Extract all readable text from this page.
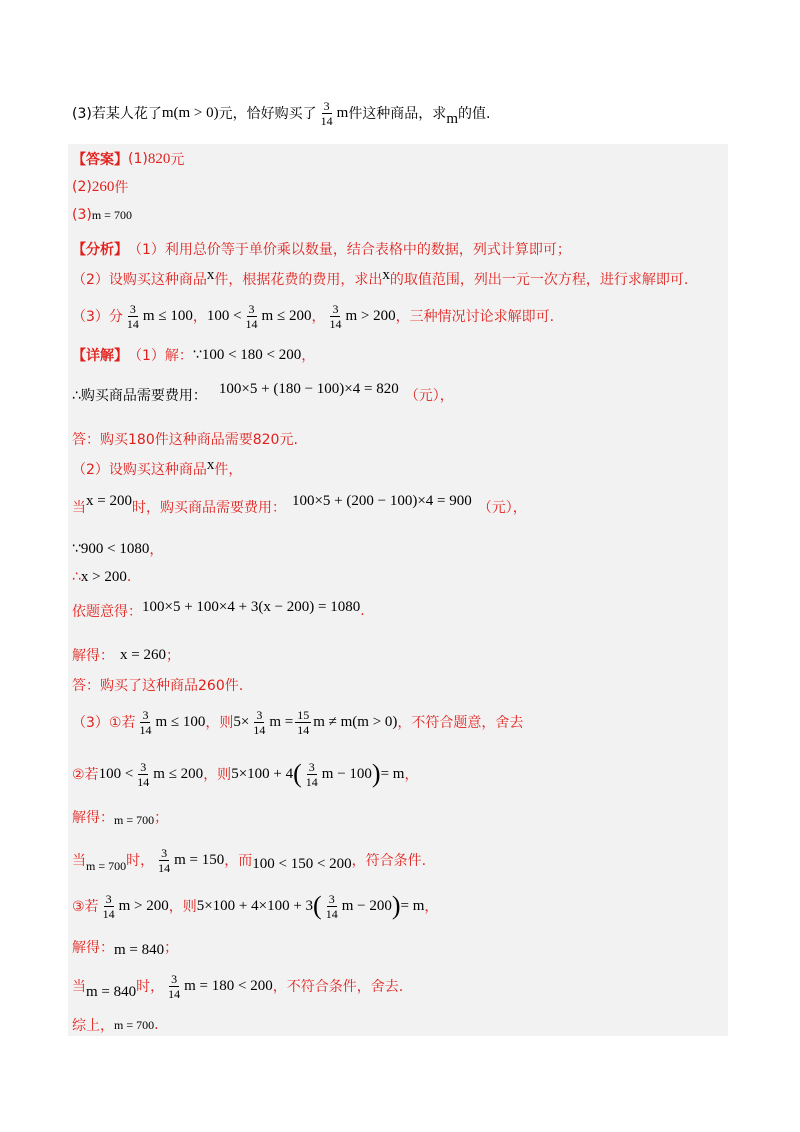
(3)若某人花了 m(m > 0) 元，恰好购买了 $\frac{3}{14}$ m 件这种商品，求 m 的值.
【答案】 (1) 820 元
(2) 260 件
(3) m = 700
【分析】 （1）利用总价等于单价乘以数量，结合表格中的数据，列式计算即可；
（2）设购买这种商品 x 件，根据花费的费用，求出 x 的取值范围，列出一元一次方程，进行求解即可.
（3）分 $\frac{3}{14}$ m ≤ 100 ， $100 < \frac{3}{14}$ m ≤ 200 ， $\frac{3}{14}$ m > 200 ，三种情况讨论求解即可.
【详解】 （1）解： ∵ 100 < 180 < 200 ，
∴购买商品需要费用： 100×5 + (180 − 100)×4 = 820 （元），
答：购买180件这种商品需要820元.
（2）设购买这种商品 x 件，
当 x = 200 时，购买商品需要费用： 100×5 + (200 − 100)×4 = 900 （元），
∵ 900 < 1080 ，
∴ x > 200 .
依题意得： 100×5 + 100×4 + 3(x − 200) = 1080 .
解得： x = 260 ；
答：购买了这种商品260件.
（3）①若 $\frac{3}{14}$ m ≤ 100 ，则 $5\times \frac{3}{14}$ $m = \frac{15}{14}$ m ≠ m(m > 0) ，不符合题意，舍去
②若 $100 < \frac{3}{14}$ m ≤ 200 ，则 5×100 + 4 ( $\frac{3}{14}$ m − 100 ) = m ，
解得： m = 700 ；
当 m = 700 时， $\frac{3}{14}$ m = 150 ，而 100 < 150 < 200 ，符合条件.
③若 $\frac{3}{14}$ m > 200 ，则 5×100 + 4×100 + 3 ( $\frac{3}{14}$ m − 200 ) = m ，
解得： m = 840 ；
当 m = 840 时， $\frac{3}{14}$ m = 180 < 200 ，不符合条件，舍去.
综上， m = 700 .
